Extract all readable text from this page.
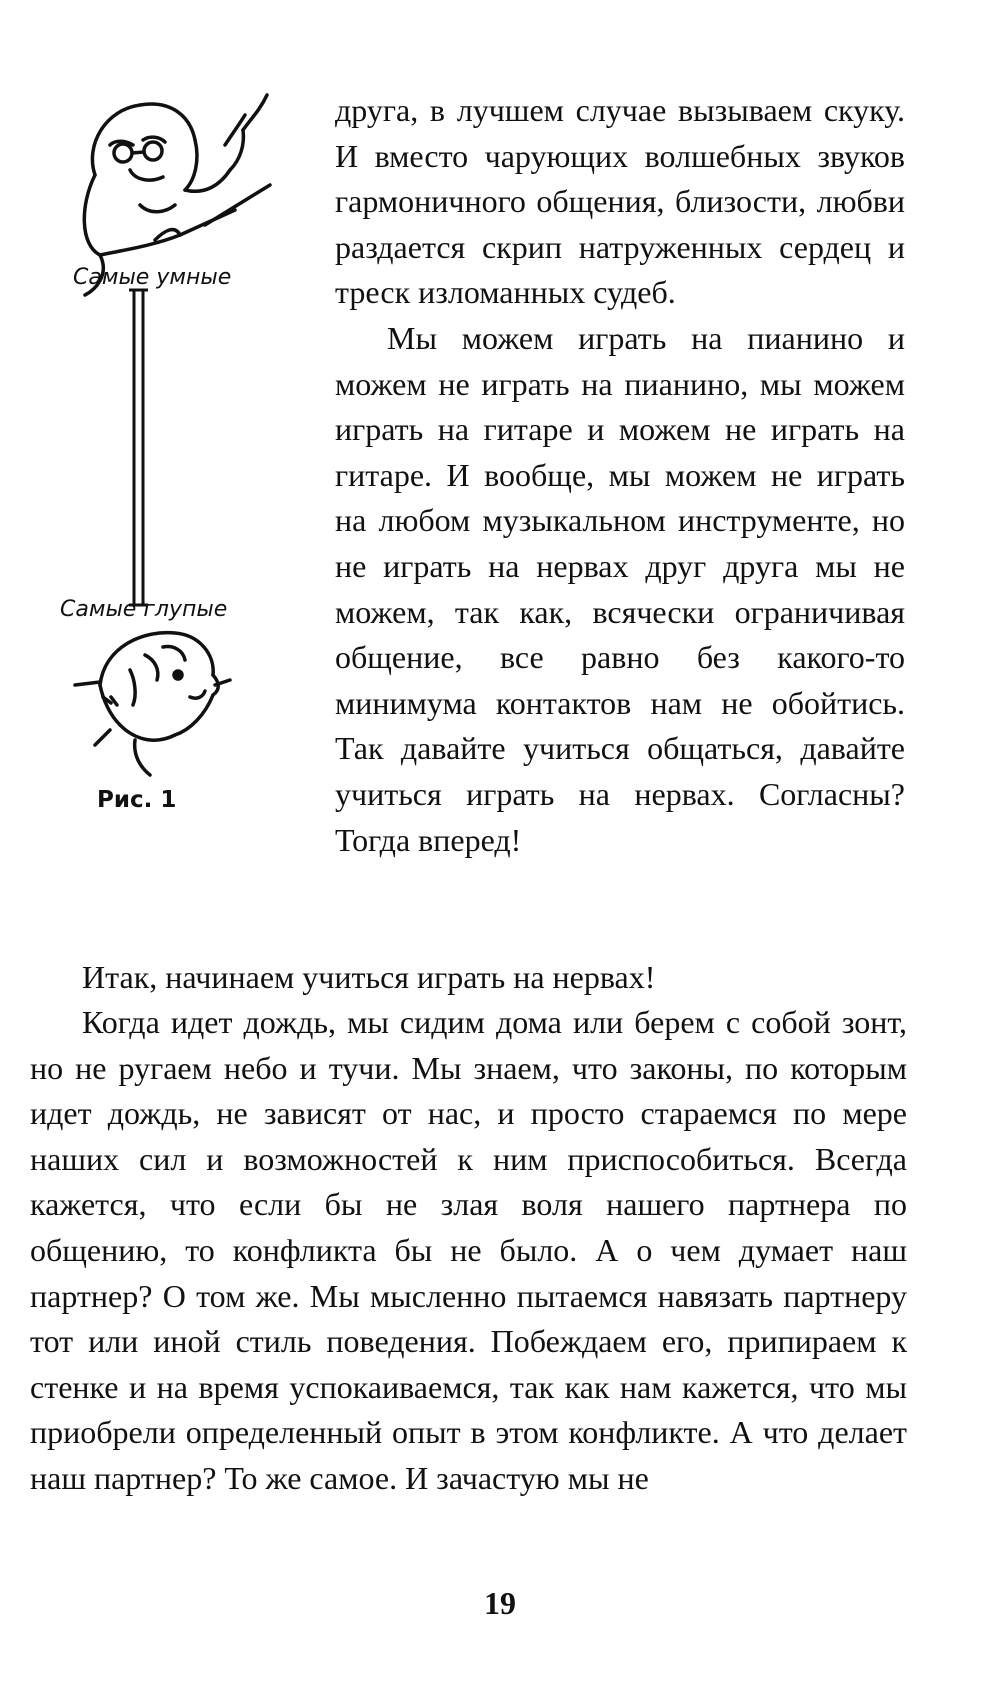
Самые умные
Самые глупые
Рис. 1

друга, в лучшем случае вызываем скуку. И вместо чарующих волшебных звуков гармоничного общения, близости, любви раздается скрип натруженных сердец и треск изломанных судеб.

Мы можем играть на пианино и можем не играть на пианино, мы можем играть на гитаре и можем не играть на гитаре. И вообще, мы можем не играть на любом музыкальном инструменте, но не играть на нервах друг друга мы не можем, так как, всячески ограничивая общение, все равно без какого-то минимума контактов нам не обойтись. Так давайте учиться общаться, давайте учиться играть на нервах. Согласны? Тогда вперед!

Итак, начинаем учиться играть на нервах!

Когда идет дождь, мы сидим дома или берем с собой зонт, но не ругаем небо и тучи. Мы знаем, что законы, по которым идет дождь, не зависят от нас, и просто стараемся по мере наших сил и возможностей к ним приспособиться. Всегда кажется, что если бы не злая воля нашего партнера по общению, то конфликта бы не было. А о чем думает наш партнер? О том же. Мы мысленно пытаемся навязать партнеру тот или иной стиль поведения. Побеждаем его, припираем к стенке и на время успокаиваемся, так как нам кажется, что мы приобрели определенный опыт в этом конфликте. А что делает наш партнер? То же самое. И зачастую мы не

19
